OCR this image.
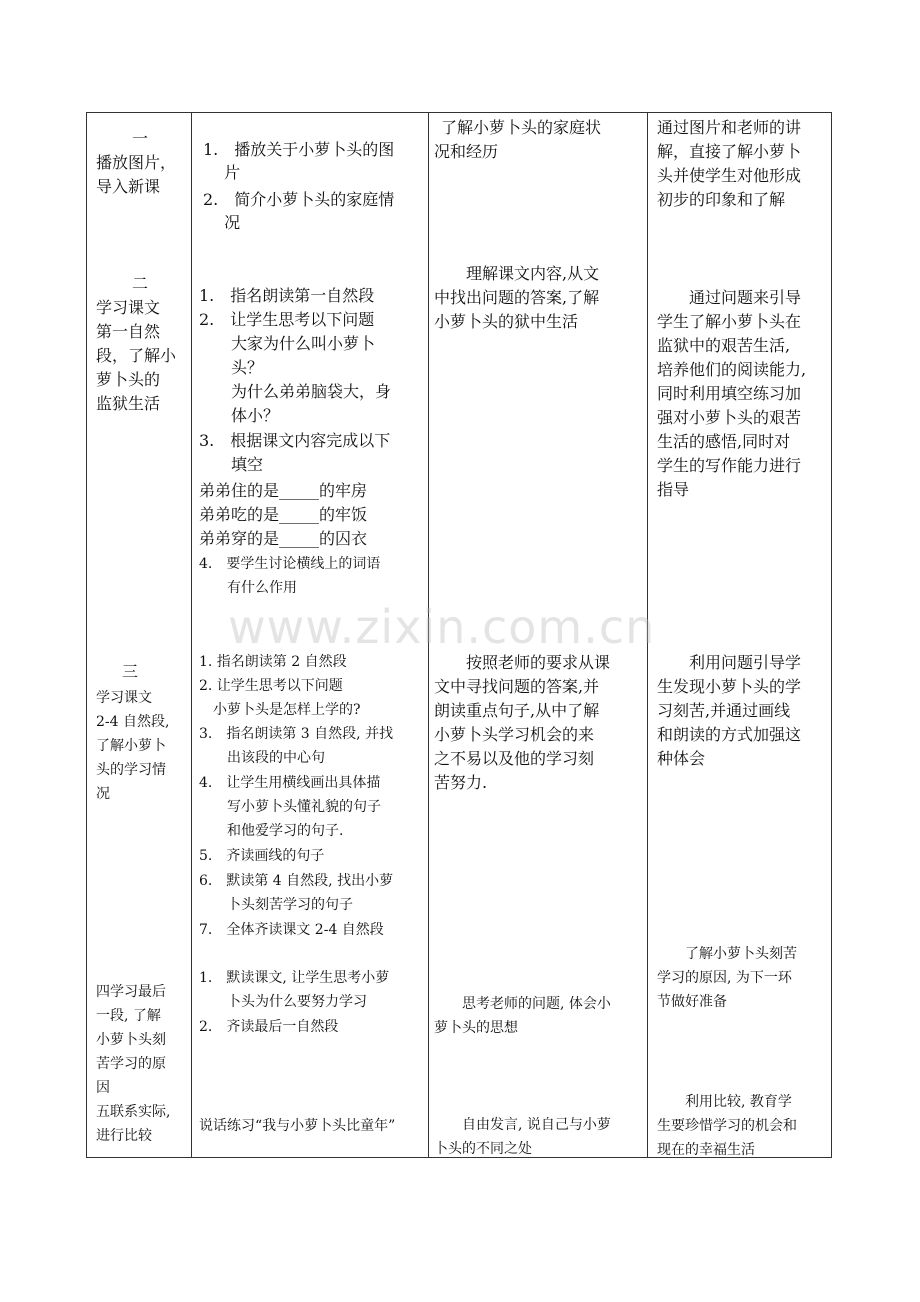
www.zixin.com.cn

一

播放图片，

导入新课

1.　播放关于小萝卜头的图

　 片

2.　简介小萝卜头的家庭情

　 况

了解小萝卜头的家庭状

况和经历

通过图片和老师的讲

解，直接了解小萝卜

头并使学生对他形成

初步的印象和了解

二

学习课文

第一自然

段，了解小

萝卜头的

监狱生活

1.　指名朗读第一自然段

2.　让学生思考以下问题

　　大家为什么叫小萝卜

　　头？

　　为什么弟弟脑袋大，身

　　体小？

3.　根据课文内容完成以下

　　填空

弟弟住的是_____的牢房

弟弟吃的是_____的牢饭

弟弟穿的是_____的囚衣

4.　要学生讨论横线上的词语

　　有什么作用

　　理解课文内容,从文

中找出问题的答案,了解

小萝卜头的狱中生活

　　通过问题来引导

学生了解小萝卜头在

监狱中的艰苦生活,

培养他们的阅读能力,

同时利用填空练习加

强对小萝卜头的艰苦

生活的感悟,同时对

学生的写作能力进行

指导

三

学习课文

2-4 自然段,

了解小萝卜

头的学习情

况

1. 指名朗读第 2 自然段

2. 让学生思考以下问题

　小萝卜头是怎样上学的?

3.　指名朗读第 3 自然段, 并找

　　出该段的中心句

4.　让学生用横线画出具体描

　　写小萝卜头懂礼貌的句子

　　和他爱学习的句子.

5.　齐读画线的句子

6.　默读第 4 自然段, 找出小萝

　　卜头刻苦学习的句子

7.　全体齐读课文 2-4 自然段

　　按照老师的要求从课

文中寻找问题的答案,并

朗读重点句子,从中了解

小萝卜头学习机会的来

之不易以及他的学习刻

苦努力.

　　利用问题引导学

生发现小萝卜头的学

习刻苦,并通过画线

和朗读的方式加强这

种体会

四学习最后

一段, 了解

小萝卜头刻

苦学习的原

因

1.　默读课文, 让学生思考小萝

　　卜头为什么要努力学习

2.　齐读最后一自然段

　　思考老师的问题, 体会小

萝卜头的思想

　　了解小萝卜头刻苦

学习的原因, 为下一环

节做好准备

五联系实际,

进行比较

说话练习“我与小萝卜头比童年”	　　自由发言, 说自己与小萝

卜头的不同之处

　　利用比较, 教育学

生要珍惜学习的机会和

现在的幸福生活
